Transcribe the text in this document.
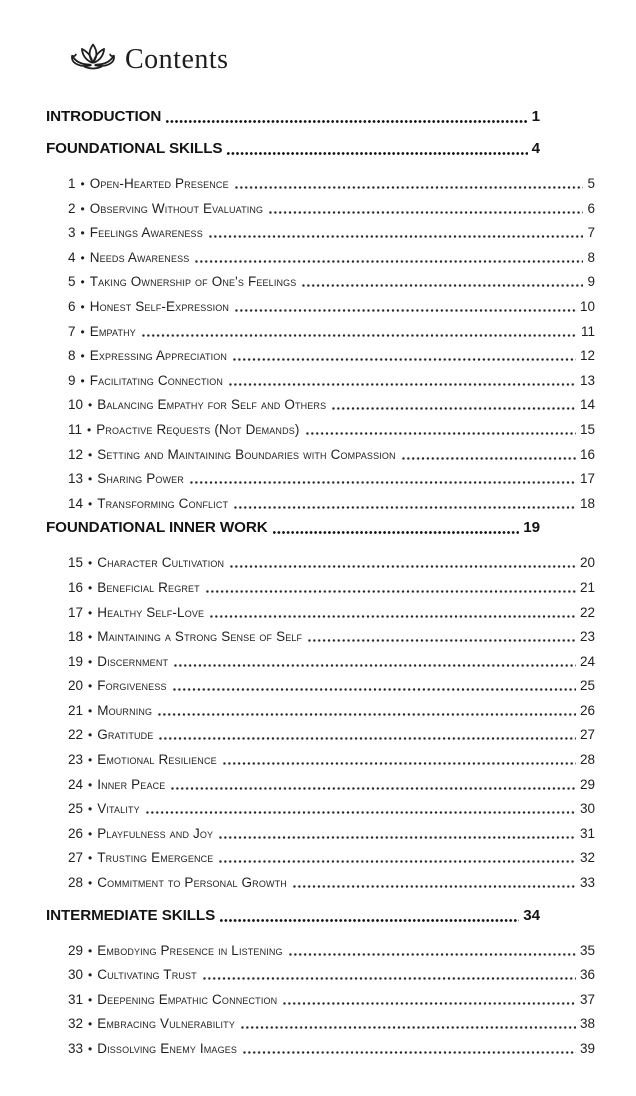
Contents
INTRODUCTION	1
FOUNDATIONAL SKILLS	4
1 • Open-Hearted Presence	5
2 • Observing Without Evaluating	6
3 • Feelings Awareness	7
4 • Needs Awareness	8
5 • Taking Ownership of One's Feelings	9
6 • Honest Self-Expression	10
7 • Empathy	11
8 • Expressing Appreciation	12
9 • Facilitating Connection	13
10 • Balancing Empathy for Self and Others	14
11 • Proactive Requests (Not Demands)	15
12 • Setting and Maintaining Boundaries with Compassion	16
13 • Sharing Power	17
14 • Transforming Conflict	18
FOUNDATIONAL INNER WORK	19
15 • Character Cultivation	20
16 • Beneficial Regret	21
17 • Healthy Self-Love	22
18 • Maintaining a Strong Sense of Self	23
19 • Discernment	24
20 • Forgiveness	25
21 • Mourning	26
22 • Gratitude	27
23 • Emotional Resilience	28
24 • Inner Peace	29
25 • Vitality	30
26 • Playfulness and Joy	31
27 • Trusting Emergence	32
28 • Commitment to Personal Growth	33
INTERMEDIATE SKILLS	34
29 • Embodying Presence in Listening	35
30 • Cultivating Trust	36
31 • Deepening Empathic Connection	37
32 • Embracing Vulnerability	38
33 • Dissolving Enemy Images	39
